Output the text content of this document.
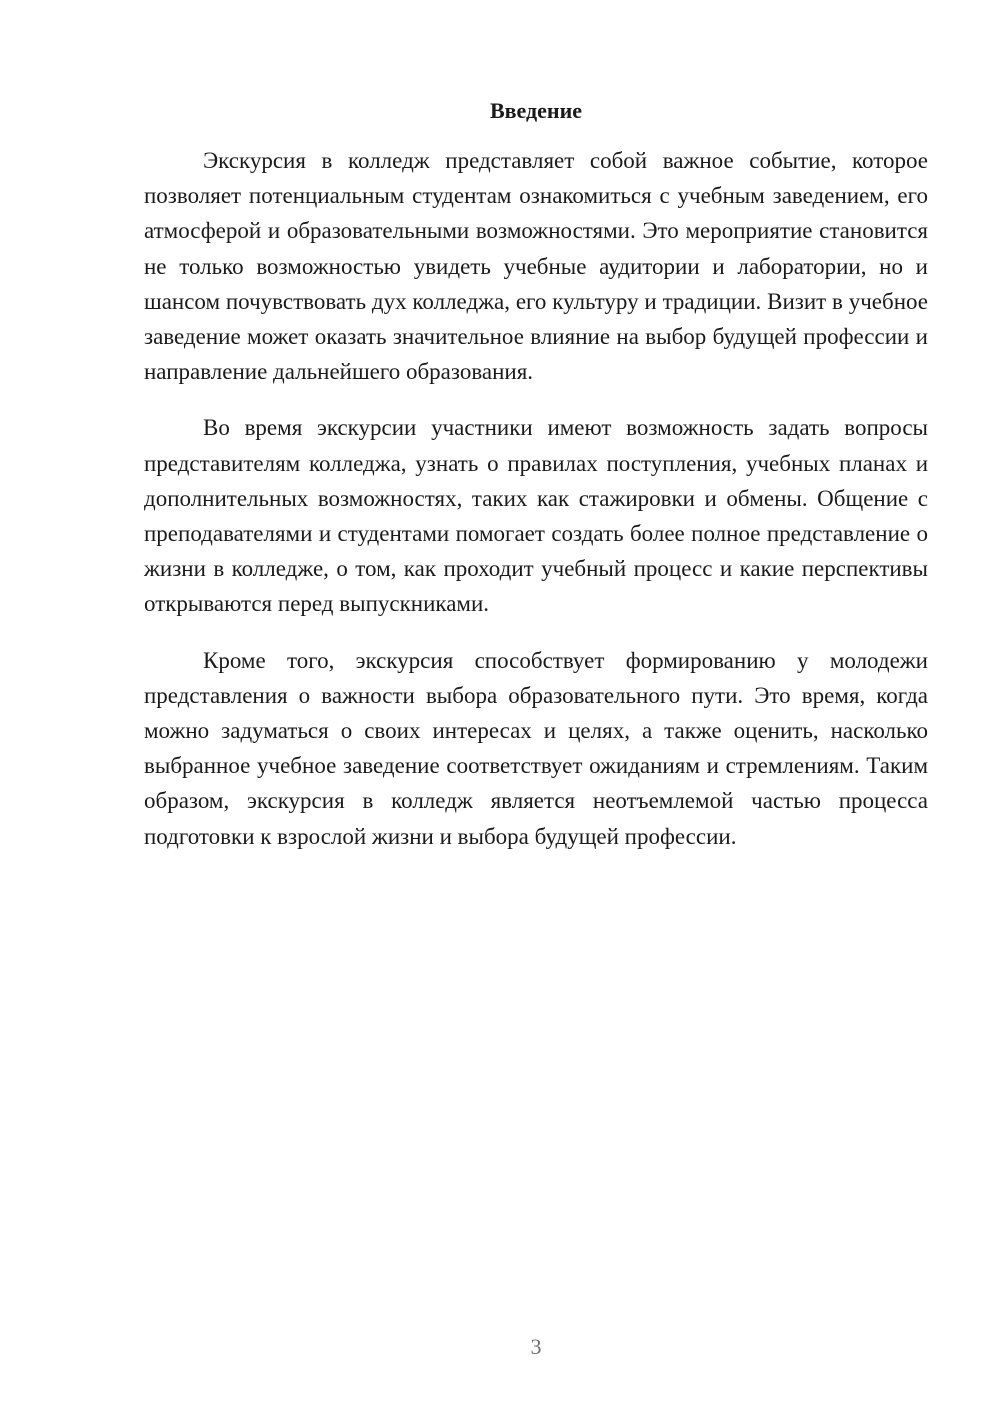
Введение

Экскурсия в колледж представляет собой важное событие, которое позволяет потенциальным студентам ознакомиться с учебным заведением, его атмосферой и образовательными возможностями. Это мероприятие становится не только возможностью увидеть учебные аудитории и лаборатории, но и шансом почувствовать дух колледжа, его культуру и традиции. Визит в учебное заведение может оказать значительное влияние на выбор будущей профессии и направление дальнейшего образования.

Во время экскурсии участники имеют возможность задать вопросы представителям колледжа, узнать о правилах поступления, учебных планах и дополнительных возможностях, таких как стажировки и обмены. Общение с преподавателями и студентами помогает создать более полное представление о жизни в колледже, о том, как проходит учебный процесс и какие перспективы открываются перед выпускниками.

Кроме того, экскурсия способствует формированию у молодежи представления о важности выбора образовательного пути. Это время, когда можно задуматься о своих интересах и целях, а также оценить, насколько выбранное учебное заведение соответствует ожиданиям и стремлениям. Таким образом, экскурсия в колледж является неотъемлемой частью процесса подготовки к взрослой жизни и выбора будущей профессии.

3
